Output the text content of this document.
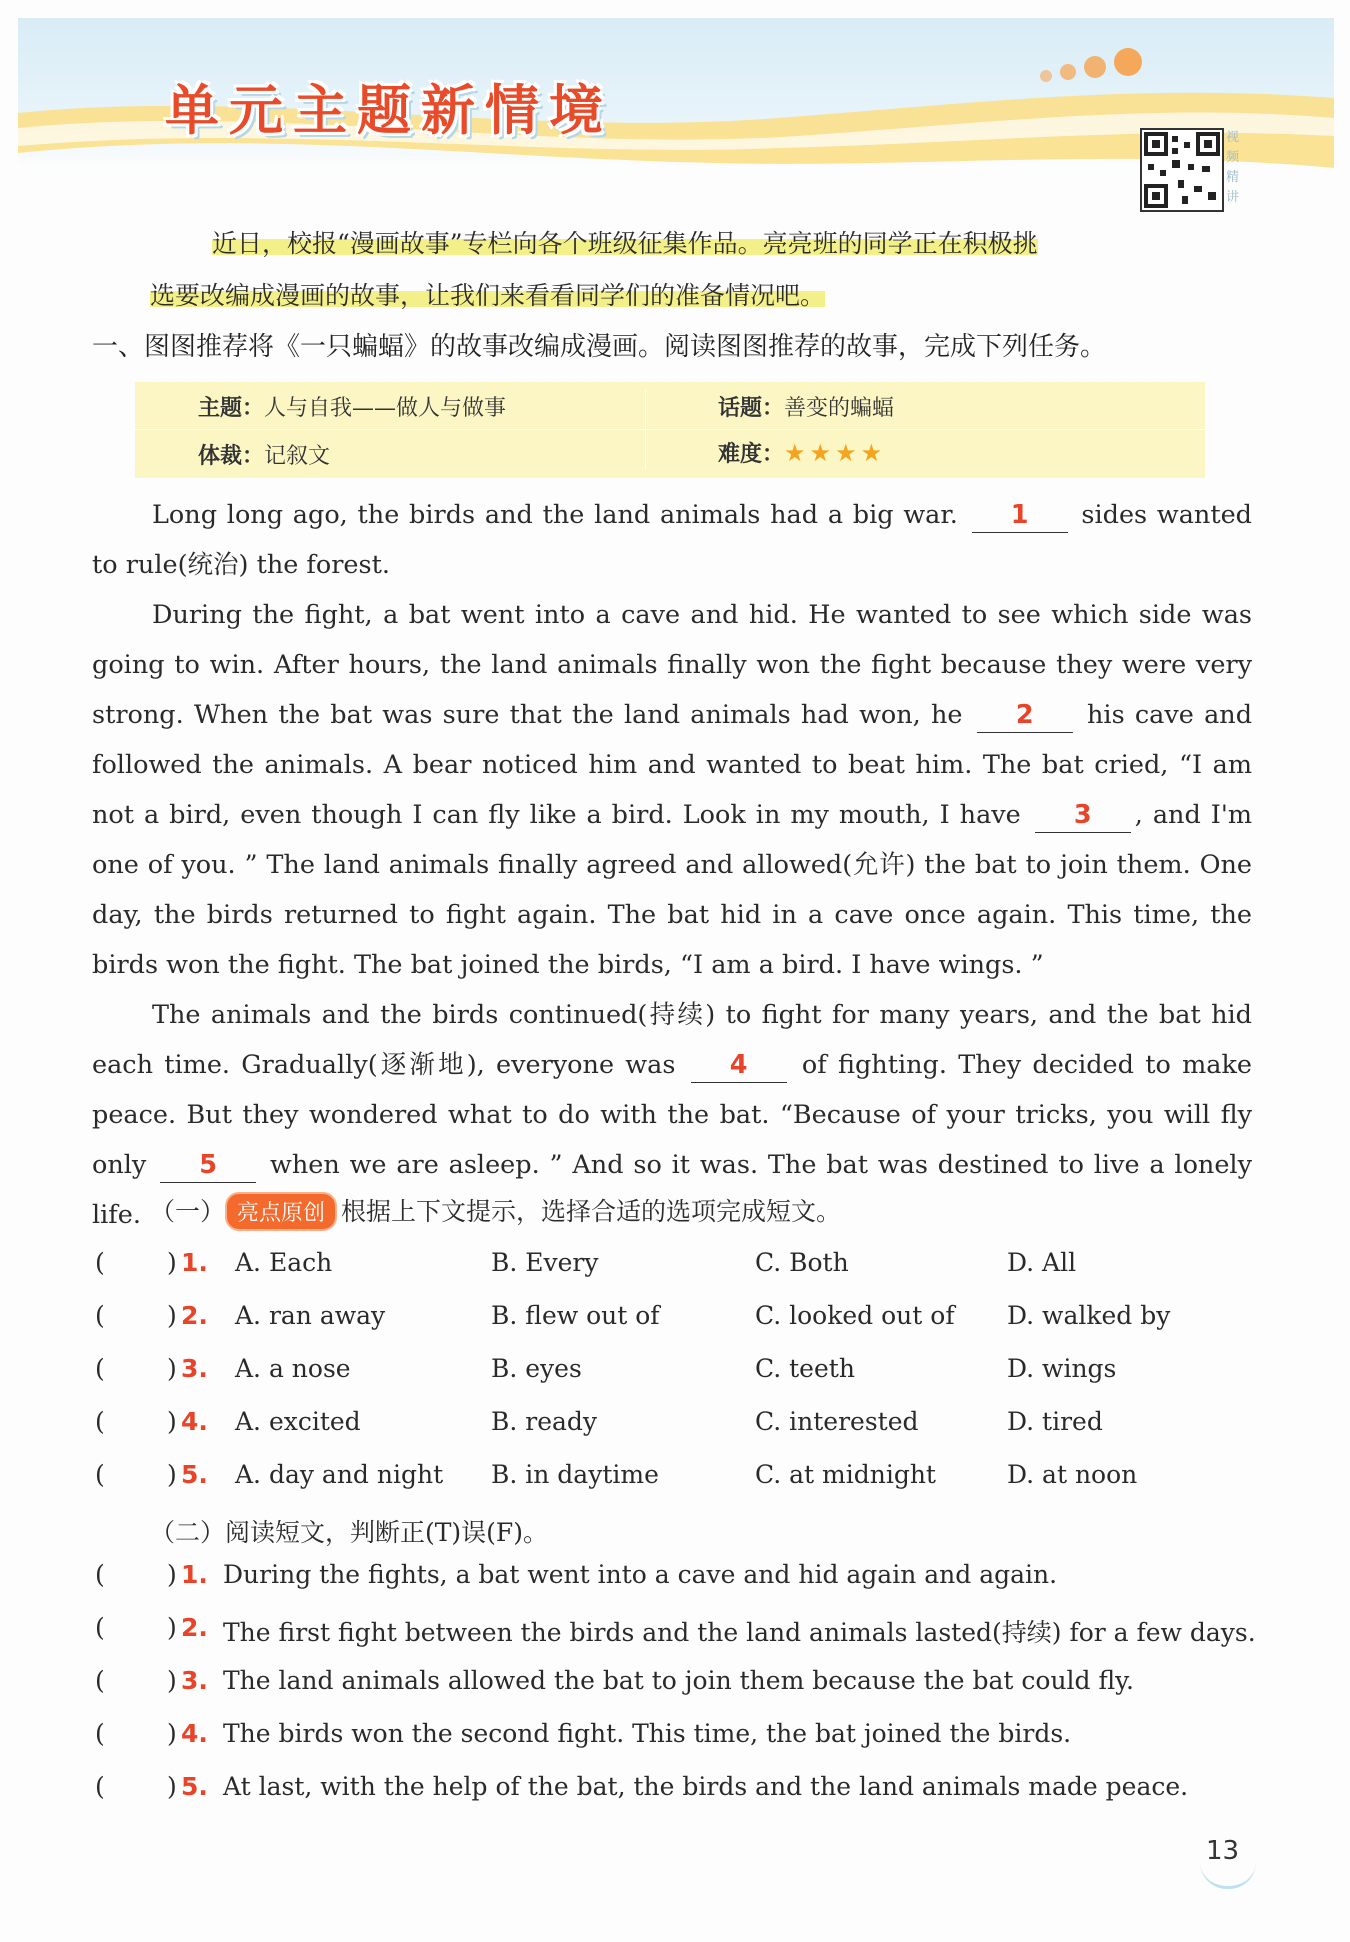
单元主题新情境	视频精讲
近日，校报“漫画故事”专栏向各个班级征集作品。亮亮班的同学正在积极挑
选要改编成漫画的故事，让我们来看看同学们的准备情况吧。
一、图图推荐将《一只蝙蝠》的故事改编成漫画。阅读图图推荐的故事，完成下列任务。
主题：人与自我——做人与做事	话题：善变的蝙蝠
体裁：记叙文	难度：★★★★

Long long ago, the birds and the land animals had a big war. 1 sides wanted to rule(统治) the forest.

During the fight, a bat went into a cave and hid. He wanted to see which side was going to win. After hours, the land animals finally won the fight because they were very strong. When the bat was sure that the land animals had won, he 2 his cave and followed the animals. A bear noticed him and wanted to beat him. The bat cried, “I am not a bird, even though I can fly like a bird. Look in my mouth, I have 3 , and I'm one of you. ” The land animals finally agreed and allowed(允许) the bat to join them. One day, the birds returned to fight again. The bat hid in a cave once again. This time, the birds won the fight. The bat joined the birds, “I am a bird. I have wings. ”

The animals and the birds continued(持续) to fight for many years, and the bat hid each time. Gradually(逐渐地), everyone was 4 of fighting. They decided to make peace. But they wondered what to do with the bat. “Because of your tricks, you will fly only 5 when we are asleep. ” And so it was. The bat was destined to live a lonely life. （一） 亮点原创 根据上下文提示，选择合适的选项完成短文。
( ) 1. A. Each	B. Every	C. Both	D. All
( ) 2. A. ran away	B. flew out of	C. looked out of D. walked by
( ) 3. A. a nose	B. eyes	C. teeth	D. wings
( ) 4. A. excited	B. ready	C. interested	D. tired
( ) 5. A. day and night B. in daytime	C. at midnight	D. at noon
（二）阅读短文，判断正(T)误(F)。
( ) 1. During the fights, a bat went into a cave and hid again and again.
( ) 2. The first fight between the birds and the land animals lasted(持续) for a few days.
( ) 3. The land animals allowed the bat to join them because the bat could fly.
( ) 4. The birds won the second fight. This time, the bat joined the birds.
( ) 5. At last, with the help of the bat, the birds and the land animals made peace.
13
